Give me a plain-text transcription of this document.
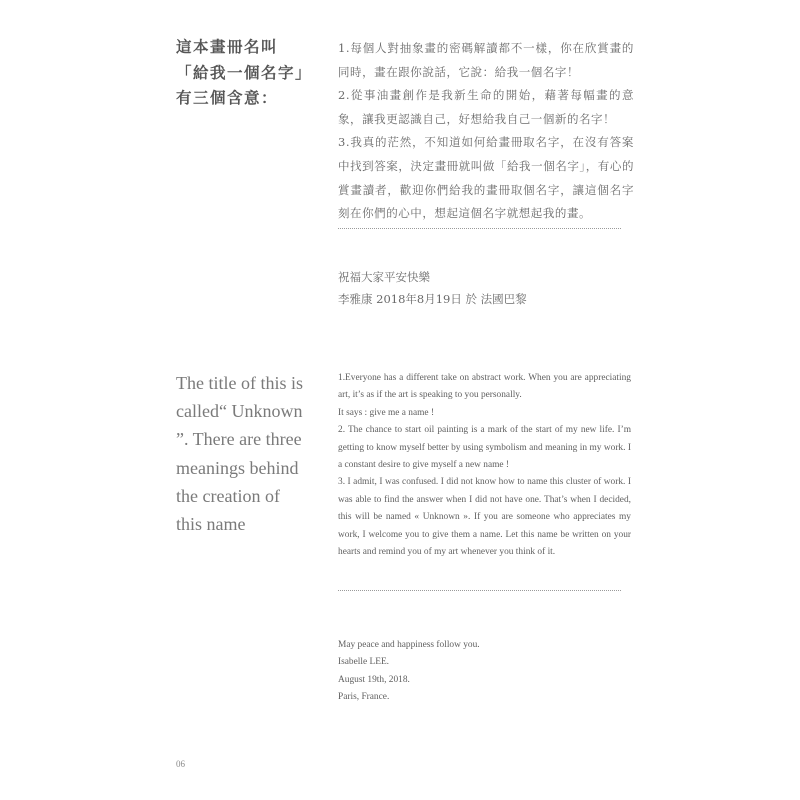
這本畫冊名叫
「給我一個名字」
有三個含意：

1.每個人對抽象畫的密碼解讀都不一樣，你在欣賞畫的同時，畫在跟你說話，它說：給我一個名字！

2.從事油畫創作是我新生命的開始，藉著每幅畫的意象，讓我更認識自己，好想給我自己一個新的名字！

3.我真的茫然，不知道如何給畫冊取名字，在沒有答案中找到答案，決定畫冊就叫做「給我一個名字」，有心的賞畫讀者，歡迎你們給我的畫冊取個名字，讓這個名字刻在你們的心中，想起這個名字就想起我的畫。

祝福大家平安快樂
李雅康 2018年8月19日 於 法國巴黎
The title of this is
called“ Unknown
”. There are three
meanings behind
the creation of
this name

1.Everyone has a different take on abstract work. When you are appreciating art, it’s as if the art is speaking to you personally.

It says : give me a name !

2. The chance to start oil painting is a mark of the start of my new life. I’m getting to know myself better by using symbolism and meaning in my work. I a constant desire to give myself a new name !

3. I admit, I was confused. I did not know how to name this cluster of work. I was able to find the answer when I did not have one. That’s when I decided, this will be named « Unknown ». If you are someone who appreciates my work, I welcome you to give them a name. Let this name be written on your hearts and remind you of my art whenever you think of it.

May peace and happiness follow you.
Isabelle LEE.
August 19th, 2018.
Paris, France.
06
